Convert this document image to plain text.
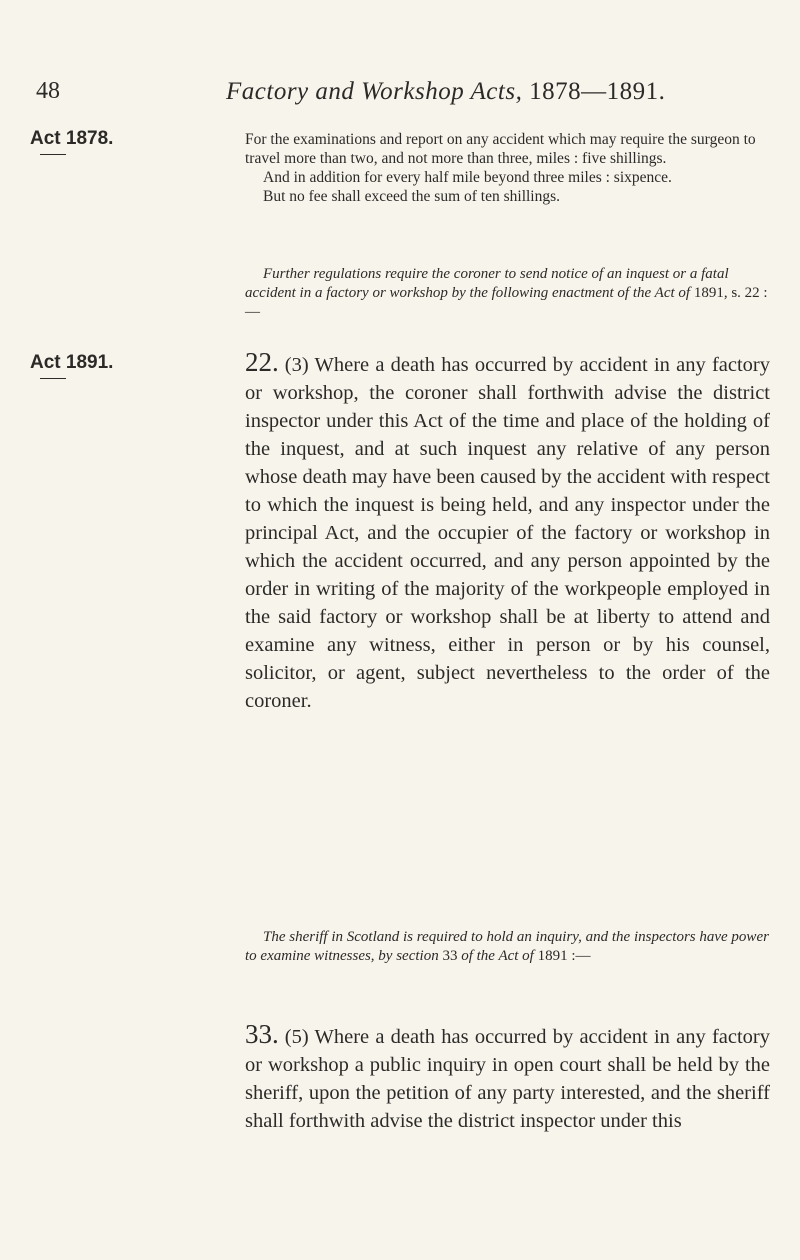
48	Factory and Workshop Acts, 1878—1891.
Act 1878.	For the examinations and report on any accident which may require the surgeon to travel more than two, and not more than three, miles : five shillings.

And in addition for every half mile beyond three miles : sixpence.

But no fee shall exceed the sum of ten shillings.

Further regulations require the coroner to send notice of an inquest or a fatal accident in a factory or workshop by the following enactment of the Act of 1891, s. 22 :—

Act 1891.	22. (3) Where a death has occurred by accident in any factory or workshop, the coroner shall forthwith advise the district inspector under this Act of the time and place of the holding of the inquest, and at such inquest any relative of any person whose death may have been caused by the accident with respect to which the inquest is being held, and any inspector under the principal Act, and the occupier of the factory or workshop in which the accident occurred, and any person appointed by the order in writing of the majority of the workpeople employed in the said factory or workshop shall be at liberty to attend and examine any witness, either in person or by his counsel, solicitor, or agent, subject nevertheless to the order of the coroner.

The sheriff in Scotland is required to hold an inquiry, and the inspectors have power to examine witnesses, by section 33 of the Act of 1891 :—

33. (5) Where a death has occurred by accident in any factory or workshop a public inquiry in open court shall be held by the sheriff, upon the petition of any party interested, and the sheriff shall forthwith advise the district inspector under this
